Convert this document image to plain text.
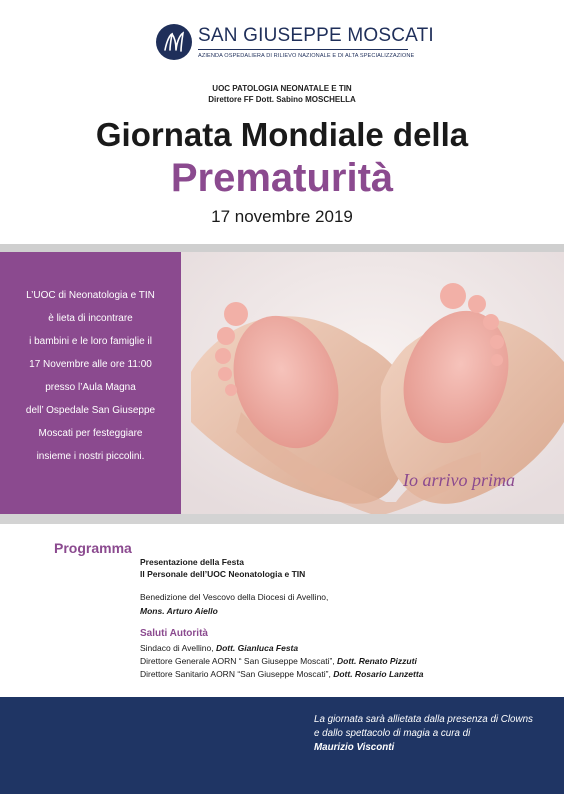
SAN GIUSEPPE MOSCATI
AZIENDA OSPEDALIERA DI RILIEVO NAZIONALE E DI ALTA SPECIALIZZAZIONE
UOC PATOLOGIA NEONATALE E TIN
Direttore FF Dott. Sabino MOSCHELLA
Giornata Mondiale della
Prematurità
17 novembre 2019
L’UOC di Neonatologia e TIN
è lieta di incontrare
i bambini e le loro famiglie il
17 Novembre alle ore 11:00
presso l’Aula Magna
dell’ Ospedale San Giuseppe
Moscati per festeggiare
insieme i nostri piccolini.
Io arrivo prima
Programma
Presentazione della Festa
Il Personale dell’UOC Neonatologia e TIN
Benedizione del Vescovo della Diocesi di Avellino,
Mons. Arturo Aiello
Saluti Autorità
Sindaco di Avellino, Dott. Gianluca Festa
Direttore Generale AORN “ San Giuseppe Moscati”, Dott. Renato Pizzuti
Direttore Sanitario AORN “San Giuseppe Moscati”, Dott. Rosario Lanzetta
La giornata sarà allietata dalla presenza di Clowns
e dallo spettacolo di magia a cura di
Maurizio Visconti
